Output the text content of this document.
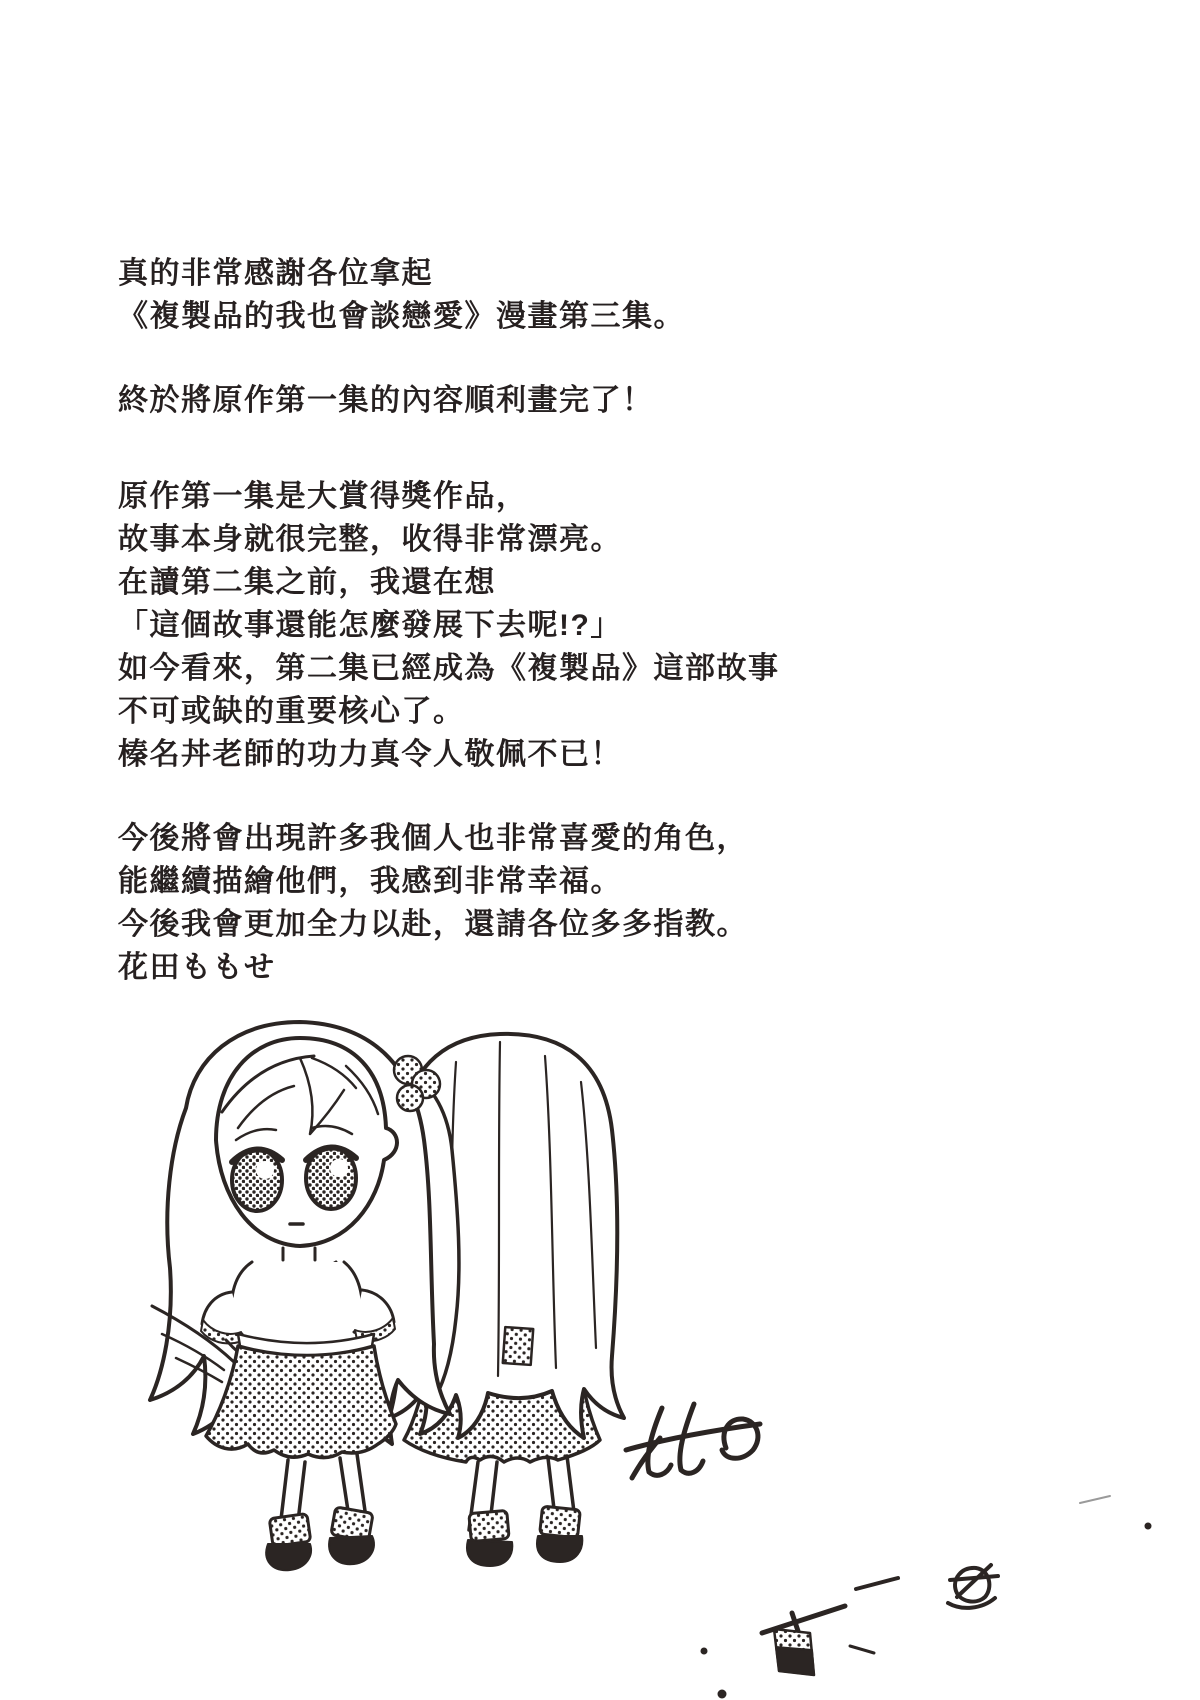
真的非常感謝各位拿起
《複製品的我也會談戀愛》漫畫第三集。
終於將原作第一集的內容順利畫完了！
原作第一集是大賞得獎作品，
故事本身就很完整，收得非常漂亮。
在讀第二集之前，我還在想
「這個故事還能怎麼發展下去呢!?」
如今看來，第二集已經成為《複製品》這部故事
不可或缺的重要核心了。
榛名丼老師的功力真令人敬佩不已！
今後將會出現許多我個人也非常喜愛的角色，
能繼續描繪他們，我感到非常幸福。
今後我會更加全力以赴，還請各位多多指教。
花田ももせ
